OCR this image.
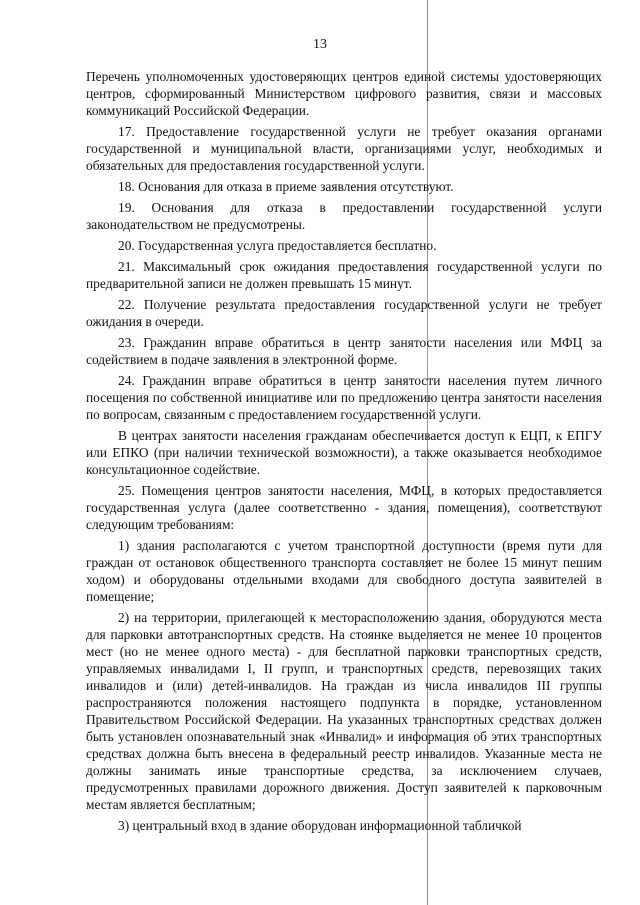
13

Перечень уполномоченных удостоверяющих центров единой системы удостоверяющих центров, сформированный Министерством цифрового развития, связи и массовых коммуникаций Российской Федерации.

17. Предоставление государственной услуги не требует оказания органами государственной и муниципальной власти, организациями услуг, необходимых и обязательных для предоставления государственной услуги.

18. Основания для отказа в приеме заявления отсутствуют.

19. Основания для отказа в предоставлении государственной услуги законодательством не предусмотрены.

20. Государственная услуга предоставляется бесплатно.

21. Максимальный срок ожидания предоставления государственной услуги по предварительной записи не должен превышать 15 минут.

22. Получение результата предоставления государственной услуги не требует ожидания в очереди.

23. Гражданин вправе обратиться в центр занятости населения или МФЦ за содействием в подаче заявления в электронной форме.

24. Гражданин вправе обратиться в центр занятости населения путем личного посещения по собственной инициативе или по предложению центра занятости населения по вопросам, связанным с предоставлением государственной услуги.

В центрах занятости населения гражданам обеспечивается доступ к ЕЦП, к ЕПГУ или ЕПКО (при наличии технической возможности), а также оказывается необходимое консультационное содействие.

25. Помещения центров занятости населения, МФЦ, в которых предоставляется государственная услуга (далее соответственно - здания, помещения), соответствуют следующим требованиям:

1) здания располагаются с учетом транспортной доступности (время пути для граждан от остановок общественного транспорта составляет не более 15 минут пешим ходом) и оборудованы отдельными входами для свободного доступа заявителей в помещение;

2) на территории, прилегающей к месторасположению здания, оборудуются места для парковки автотранспортных средств. На стоянке выделяется не менее 10 процентов мест (но не менее одного места) - для бесплатной парковки транспортных средств, управляемых инвалидами I, II групп, и транспортных средств, перевозящих таких инвалидов и (или) детей-инвалидов. На граждан из числа инвалидов III группы распространяются положения настоящего подпункта в порядке, установленном Правительством Российской Федерации. На указанных транспортных средствах должен быть установлен опознавательный знак «Инвалид» и информация об этих транспортных средствах должна быть внесена в федеральный реестр инвалидов. Указанные места не должны занимать иные транспортные средства, за исключением случаев, предусмотренных правилами дорожного движения. Доступ заявителей к парковочным местам является бесплатным;

3) центральный вход в здание оборудован информационной табличкой
